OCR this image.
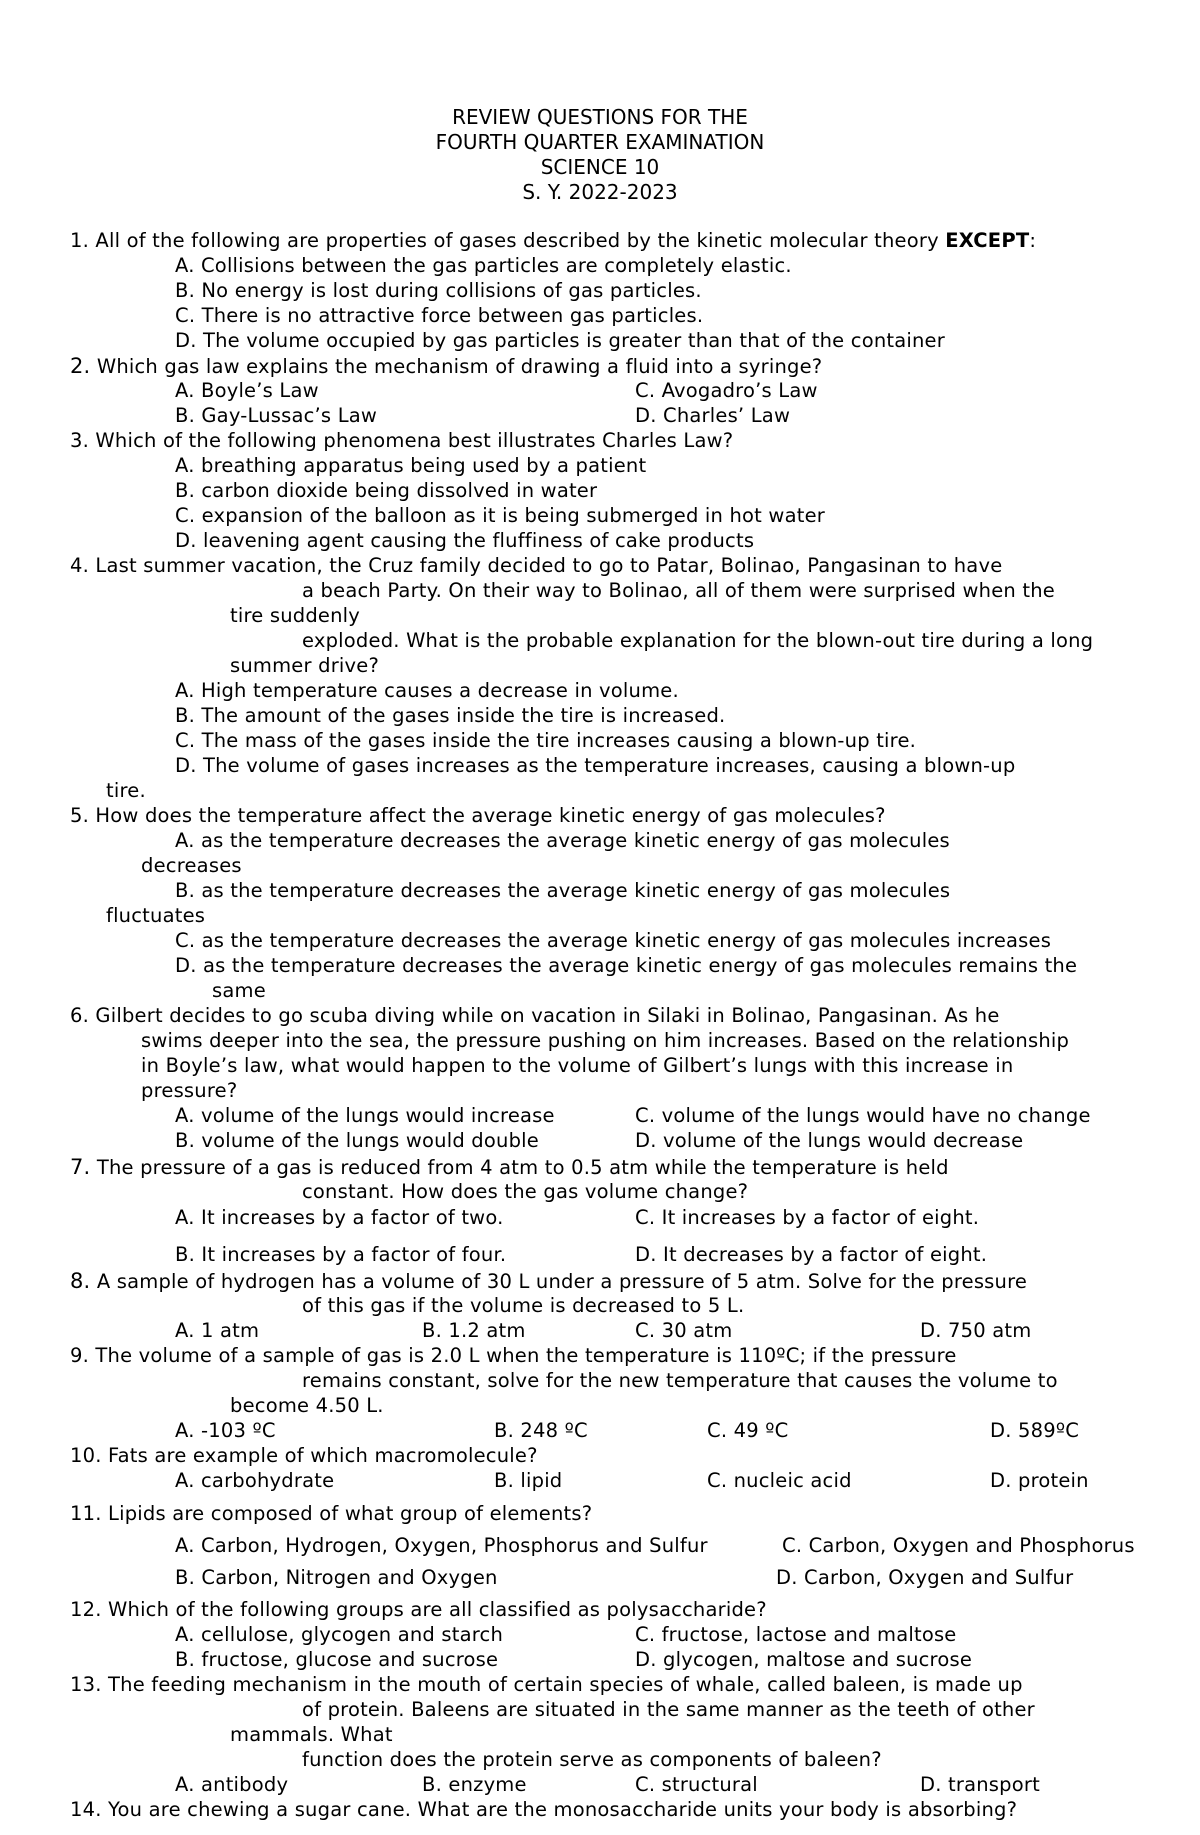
REVIEW QUESTIONS FOR THE
FOURTH QUARTER EXAMINATION
SCIENCE 10
S. Y. 2022-2023
1. All of the following are properties of gases described by the kinetic molecular theory EXCEPT:
A. Collisions between the gas particles are completely elastic.
B. No energy is lost during collisions of gas particles.
C. There is no attractive force between gas particles.
D. The volume occupied by gas particles is greater than that of the container
2. Which gas law explains the mechanism of drawing a fluid into a syringe?
A. Boyle’s Law	C. Avogadro’s Law
B. Gay-Lussac’s Law	D. Charles’ Law
3. Which of the following phenomena best illustrates Charles Law?
A. breathing apparatus being used by a patient
B. carbon dioxide being dissolved in water
C. expansion of the balloon as it is being submerged in hot water
D. leavening agent causing the fluffiness of cake products
4. Last summer vacation, the Cruz family decided to go to Patar, Bolinao, Pangasinan to have
a beach Party. On their way to Bolinao, all of them were surprised when the
tire suddenly
exploded. What is the probable explanation for the blown-out tire during a long
summer drive?
A. High temperature causes a decrease in volume.
B. The amount of the gases inside the tire is increased.
C. The mass of the gases inside the tire increases causing a blown-up tire.
D. The volume of gases increases as the temperature increases, causing a blown-up
tire.
5. How does the temperature affect the average kinetic energy of gas molecules?
A. as the temperature decreases the average kinetic energy of gas molecules
decreases
B. as the temperature decreases the average kinetic energy of gas molecules
fluctuates
C. as the temperature decreases the average kinetic energy of gas molecules increases
D. as the temperature decreases the average kinetic energy of gas molecules remains the
same
6. Gilbert decides to go scuba diving while on vacation in Silaki in Bolinao, Pangasinan. As he
swims deeper into the sea, the pressure pushing on him increases. Based on the relationship
in Boyle’s law, what would happen to the volume of Gilbert’s lungs with this increase in
pressure?
A. volume of the lungs would increase	C. volume of the lungs would have no change
B. volume of the lungs would double	D. volume of the lungs would decrease
7. The pressure of a gas is reduced from 4 atm to 0.5 atm while the temperature is held
constant. How does the gas volume change?
A. It increases by a factor of two.	C. It increases by a factor of eight.
B. It increases by a factor of four.	D. It decreases by a factor of eight.
8. A sample of hydrogen has a volume of 30 L under a pressure of 5 atm. Solve for the pressure
of this gas if the volume is decreased to 5 L.
A. 1 atm	B. 1.2 atm	C. 30 atm	D. 750 atm
9. The volume of a sample of gas is 2.0 L when the temperature is 110ºC; if the pressure
remains constant, solve for the new temperature that causes the volume to
become 4.50 L.
A. -103 ºC	B. 248 ºC	C. 49 ºC	D. 589ºC
10. Fats are example of which macromolecule?
A. carbohydrate	B. lipid	C. nucleic acid	D. protein
11. Lipids are composed of what group of elements?
A. Carbon, Hydrogen, Oxygen, Phosphorus and Sulfur	C. Carbon, Oxygen and Phosphorus
B. Carbon, Nitrogen and Oxygen	D. Carbon, Oxygen and Sulfur
12. Which of the following groups are all classified as polysaccharide?
A. cellulose, glycogen and starch	C. fructose, lactose and maltose
B. fructose, glucose and sucrose	D. glycogen, maltose and sucrose
13. The feeding mechanism in the mouth of certain species of whale, called baleen, is made up
of protein. Baleens are situated in the same manner as the teeth of other
mammals. What
function does the protein serve as components of baleen?
A. antibody	B. enzyme	C. structural	D. transport
14. You are chewing a sugar cane. What are the monosaccharide units your body is absorbing?
